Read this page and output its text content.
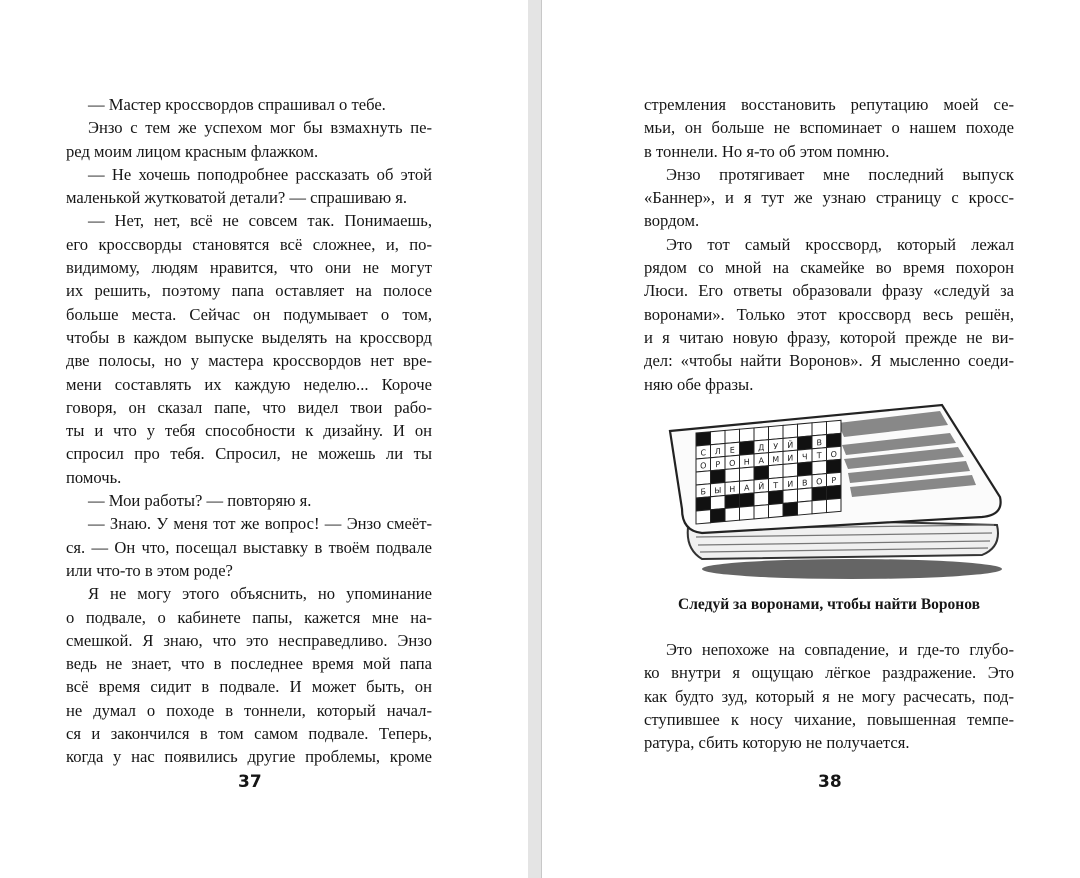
— Мастер кроссвордов спрашивал о тебе.
Энзо с тем же успехом мог бы взмахнуть пе-
ред моим лицом красным флажком.
— Не хочешь поподробнее рассказать об этой
маленькой жутковатой детали? — спрашиваю я.
— Нет, нет, всё не совсем так. Понимаешь,
его кроссворды становятся всё сложнее, и, по-
видимому, людям нравится, что они не могут
их решить, поэтому папа оставляет на полосе
больше места. Сейчас он подумывает о том,
чтобы в каждом выпуске выделять на кроссворд
две полосы, но у мастера кроссвордов нет вре-
мени составлять их каждую неделю... Короче
говоря, он сказал папе, что видел твои рабо-
ты и что у тебя способности к дизайну. И он
спросил про тебя. Спросил, не можешь ли ты
помочь.
— Мои работы? — повторяю я.
— Знаю. У меня тот же вопрос! — Энзо смеёт-
ся. — Он что, посещал выставку в твоём подвале
или что-то в этом роде?
Я не могу этого объяснить, но упоминание
о подвале, о кабинете папы, кажется мне на-
смешкой. Я знаю, что это несправедливо. Энзо
ведь не знает, что в последнее время мой папа
всё время сидит в подвале. И может быть, он
не думал о походе в тоннели, который начал-
ся и закончился в том самом подвале. Теперь,
когда у нас появились другие проблемы, кроме
37
стремления восстановить репутацию моей се-
мьи, он больше не вспоминает о нашем походе
в тоннели. Но я-то об этом помню.
Энзо протягивает мне последний выпуск
«Баннер», и я тут же узнаю страницу с кросс-
вордом.
Это тот самый кроссворд, который лежал
рядом со мной на скамейке во время похорон
Люси. Его ответы образовали фразу «следуй за
воронами». Только этот кроссворд весь решён,
и я читаю новую фразу, которой прежде не ви-
дел: «чтобы найти Воронов». Я мысленно соеди-
няю обе фразы.
С Л Е	Д У Й	В
О Р О Н А М И Ч Т О
Б Ы Н А Й Т И В О Р
Следуй за воронами, чтобы найти Воронов
Это непохоже на совпадение, и где-то глубо-
ко внутри я ощущаю лёгкое раздражение. Это
как будто зуд, который я не могу расчесать, под-
ступившее к носу чихание, повышенная темпе-
ратура, сбить которую не получается.
38
